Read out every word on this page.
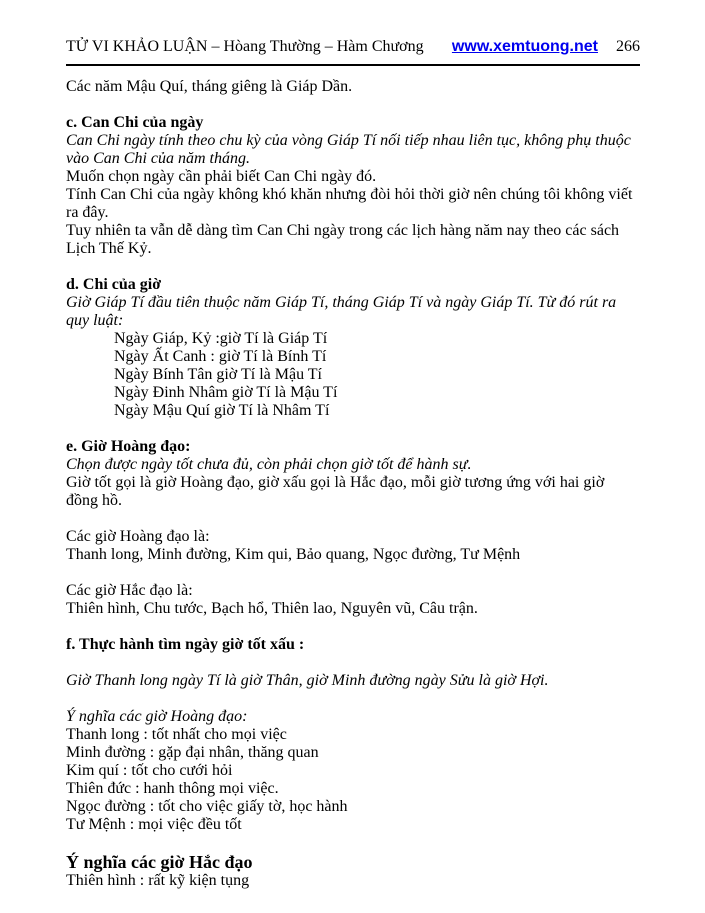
TỬ VI KHẢO LUẬN – Hòang Thường – Hàm Chương www.xemtuong.net 266

Các năm Mậu Quí, tháng giêng là Giáp Dần.

c. Can Chi của ngày

Can Chi ngày tính theo chu kỳ của vòng Giáp Tí nối tiếp nhau liên tục, không phụ thuộc vào Can Chi của năm tháng.

Muốn chọn ngày cần phải biết Can Chi ngày đó.

Tính Can Chi của ngày không khó khăn nhưng đòi hỏi thời giờ nên chúng tôi không viết ra đây.

Tuy nhiên ta vẫn dễ dàng tìm Can Chi ngày trong các lịch hàng năm nay theo các sách Lịch Thế Kỷ.

d. Chi của giờ

Giờ Giáp Tí đầu tiên thuộc năm Giáp Tí, tháng Giáp Tí và ngày Giáp Tí. Từ đó rút ra quy luật:

Ngày Giáp, Kỷ :giờ Tí là Giáp Tí

Ngày Ất Canh : giờ Tí là Bính Tí

Ngày Bính Tân giờ Tí là Mậu Tí

Ngày Đinh Nhâm giờ Tí là Mậu Tí

Ngày Mậu Quí giờ Tí là Nhâm Tí

e. Giờ Hoàng đạo:

Chọn được ngày tốt chưa đủ, còn phải chọn giờ tốt để hành sự.

Giờ tốt gọi là giờ Hoàng đạo, giờ xấu gọi là Hắc đạo, mỗi giờ tương ứng với hai giờ đồng hồ.

Các giờ Hoàng đạo là:

Thanh long, Minh đường, Kim qui, Bảo quang, Ngọc đường, Tư Mệnh

Các giờ Hắc đạo là:

Thiên hình, Chu tước, Bạch hổ, Thiên lao, Nguyên vũ, Câu trận.

f. Thực hành tìm ngày giờ tốt xấu :

Giờ Thanh long ngày Tí là giờ Thân, giờ Minh đường ngày Sửu là giờ Hợi.

Ý nghĩa các giờ Hoàng đạo:

Thanh long : tốt nhất cho mọi việc

Minh đường : gặp đại nhân, thăng quan

Kim quí : tốt cho cưới hỏi

Thiên đức : hanh thông mọi việc.

Ngọc đường : tốt cho việc giấy tờ, học hành

Tư Mệnh : mọi việc đều tốt

Ý nghĩa các giờ Hắc đạo

Thiên hình : rất kỹ kiện tụng
